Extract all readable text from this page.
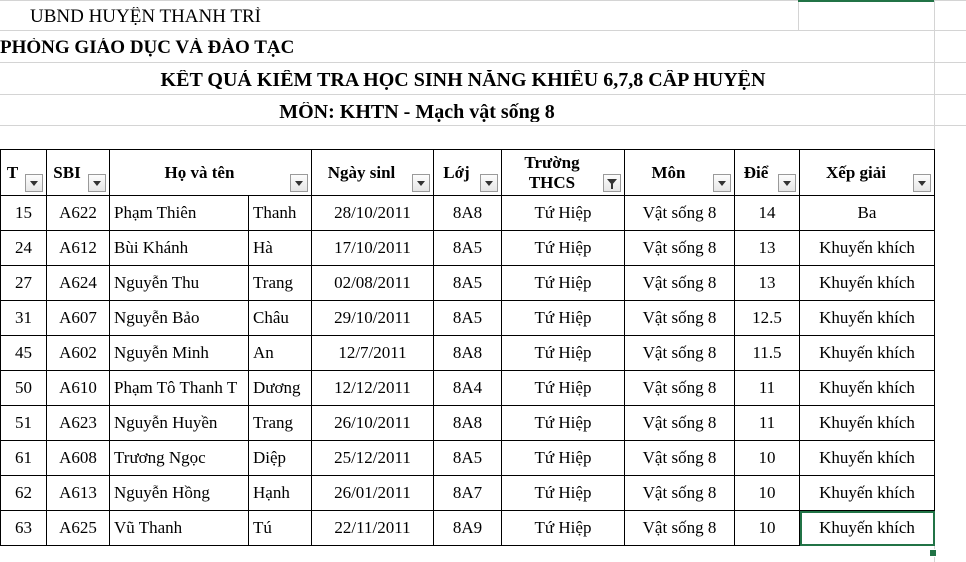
UBND HUYỆN THANH TRÌ
PHÒNG GIÁO DỤC VÀ ĐÀO TẠC
KẾT QUẢ KIỂM TRA HỌC SINH NĂNG KHIẾU 6,7,8 CẤP HUYỆN
MÔN: KHTN - Mạch vật sống 8
T	SBI	Họ và tên		Ngày sinl	Lớj	Trường THCS	Môn	Điể	Xếp giải

15	A622	Phạm Thiên	Thanh	28/10/2011	8A8	Tứ Hiệp	Vật sống 8	14	Ba
24	A612	Bùi Khánh	Hà	17/10/2011	8A5	Tứ Hiệp	Vật sống 8	13	Khuyến khích
27	A624	Nguyễn Thu	Trang	02/08/2011	8A5	Tứ Hiệp	Vật sống 8	13	Khuyến khích
31	A607	Nguyễn Bảo	Châu	29/10/2011	8A5	Tứ Hiệp	Vật sống 8	12.5	Khuyến khích
45	A602	Nguyễn Minh	An	12/7/2011	8A8	Tứ Hiệp	Vật sống 8	11.5	Khuyến khích
50	A610	Phạm Tô Thanh T	Dương	12/12/2011	8A4	Tứ Hiệp	Vật sống 8	11	Khuyến khích
51	A623	Nguyễn Huyền	Trang	26/10/2011	8A8	Tứ Hiệp	Vật sống 8	11	Khuyến khích
61	A608	Trương Ngọc	Diệp	25/12/2011	8A5	Tứ Hiệp	Vật sống 8	10	Khuyến khích
62	A613	Nguyễn Hồng	Hạnh	26/01/2011	8A7	Tứ Hiệp	Vật sống 8	10	Khuyến khích
63	A625	Vũ Thanh	Tú	22/11/2011	8A9	Tứ Hiệp	Vật sống 8	10	Khuyến khích
